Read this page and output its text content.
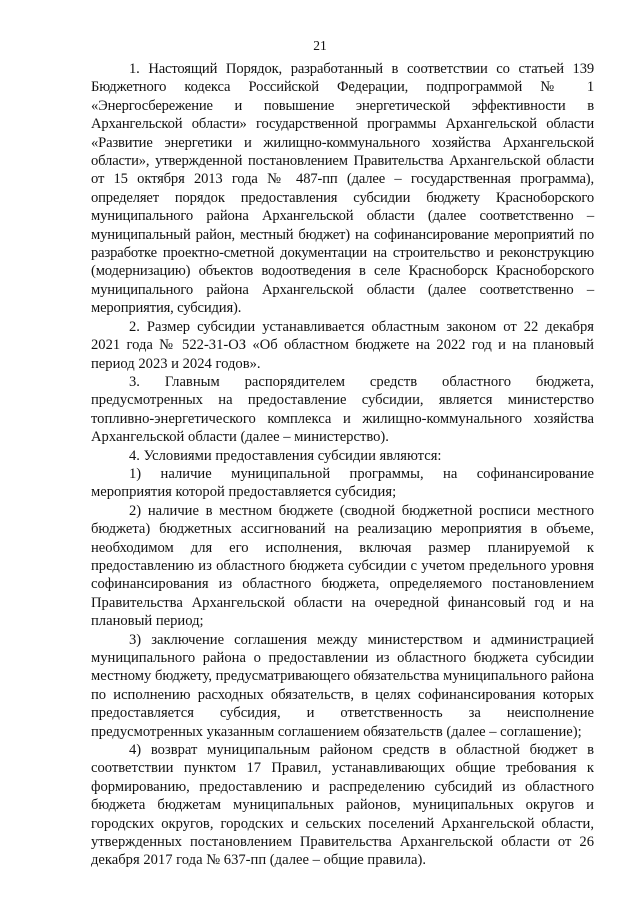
21

1. Настоящий Порядок, разработанный в соответствии со статьей 139 Бюджетного кодекса Российской Федерации, подпрограммой № 1 «Энергосбережение и повышение энергетической эффективности в Архангельской области» государственной программы Архангельской области «Развитие энергетики и жилищно-коммунального хозяйства Архангельской области», утвержденной постановлением Правительства Архангельской области от 15 октября 2013 года № 487-пп (далее – государственная программа), определяет порядок предоставления субсидии бюджету Красноборского муниципального района Архангельской области (далее соответственно – муниципальный район, местный бюджет) на софинансирование мероприятий по разработке проектно-сметной документации на строительство и реконструкцию (модернизацию) объектов водоотведения в селе Красноборск Красноборского муниципального района Архангельской области (далее соответственно – мероприятия, субсидия).

2. Размер субсидии устанавливается областным законом от 22 декабря 2021 года № 522-31-ОЗ «Об областном бюджете на 2022 год и на плановый период 2023 и 2024 годов».

3. Главным распорядителем средств областного бюджета, предусмотренных на предоставление субсидии, является министерство топливно-энергетического комплекса и жилищно-коммунального хозяйства Архангельской области (далее – министерство).

4. Условиями предоставления субсидии являются:

1) наличие муниципальной программы, на софинансирование мероприятия которой предоставляется субсидия;

2) наличие в местном бюджете (сводной бюджетной росписи местного бюджета) бюджетных ассигнований на реализацию мероприятия в объеме, необходимом для его исполнения, включая размер планируемой к предоставлению из областного бюджета субсидии с учетом предельного уровня софинансирования из областного бюджета, определяемого постановлением Правительства Архангельской области на очередной финансовый год и на плановый период;

3) заключение соглашения между министерством и администрацией муниципального района о предоставлении из областного бюджета субсидии местному бюджету, предусматривающего обязательства муниципального района по исполнению расходных обязательств, в целях софинансирования которых предоставляется субсидия, и ответственность за неисполнение предусмотренных указанным соглашением обязательств (далее – соглашение);

4) возврат муниципальным районом средств в областной бюджет в соответствии пунктом 17 Правил, устанавливающих общие требования к формированию, предоставлению и распределению субсидий из областного бюджета бюджетам муниципальных районов, муниципальных округов и городских округов, городских и сельских поселений Архангельской области, утвержденных постановлением Правительства Архангельской области от 26 декабря 2017 года № 637-пп (далее – общие правила).
